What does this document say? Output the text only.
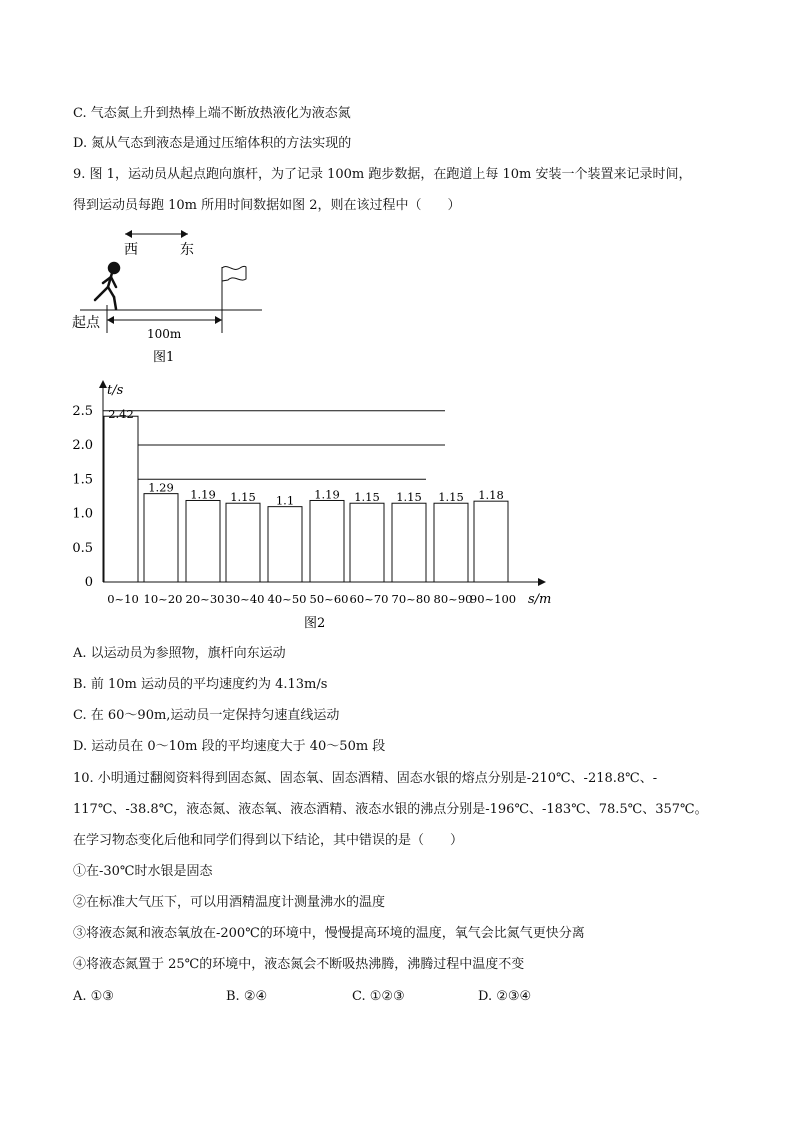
C. 气态氮上升到热棒上端不断放热液化为液态氮
D. 氮从气态到液态是通过压缩体积的方法实现的
9. 图 1，运动员从起点跑向旗杆，为了记录 100m 跑步数据，在跑道上每 10m 安装一个装置来记录时间，
得到运动员每跑 10m 所用时间数据如图 2，则在该过程中（　　）
西	东
起点
100m
图1
t/s
s/m
2.5
2.0
1.5
1.0
0.5
0
2.42
0~10
1.29
10~20
1.19
20~30
1.15
30~40
1.1
40~50
1.19
50~60
1.15
60~70
1.15
70~80
1.15
80~90
1.18
90~100
图2
A. 以运动员为参照物，旗杆向东运动
B. 前 10m 运动员的平均速度约为 4.13m/s
C. 在 60～90m,运动员一定保持匀速直线运动
D. 运动员在 0～10m 段的平均速度大于 40～50m 段
10. 小明通过翻阅资料得到固态氮、固态氧、固态酒精、固态水银的熔点分别是-210℃、-218.8℃、-
117℃、-38.8℃，液态氮、液态氧、液态酒精、液态水银的沸点分别是-196℃、-183℃、78.5℃、357℃。
在学习物态变化后他和同学们得到以下结论，其中错误的是（　　）
①在-30℃时水银是固态
②在标准大气压下，可以用酒精温度计测量沸水的温度
③将液态氮和液态氧放在-200℃的环境中，慢慢提高环境的温度，氧气会比氮气更快分离
④将液态氮置于 25℃的环境中，液态氮会不断吸热沸腾，沸腾过程中温度不变
A. ①③	B. ②④	C. ①②③	D. ②③④
